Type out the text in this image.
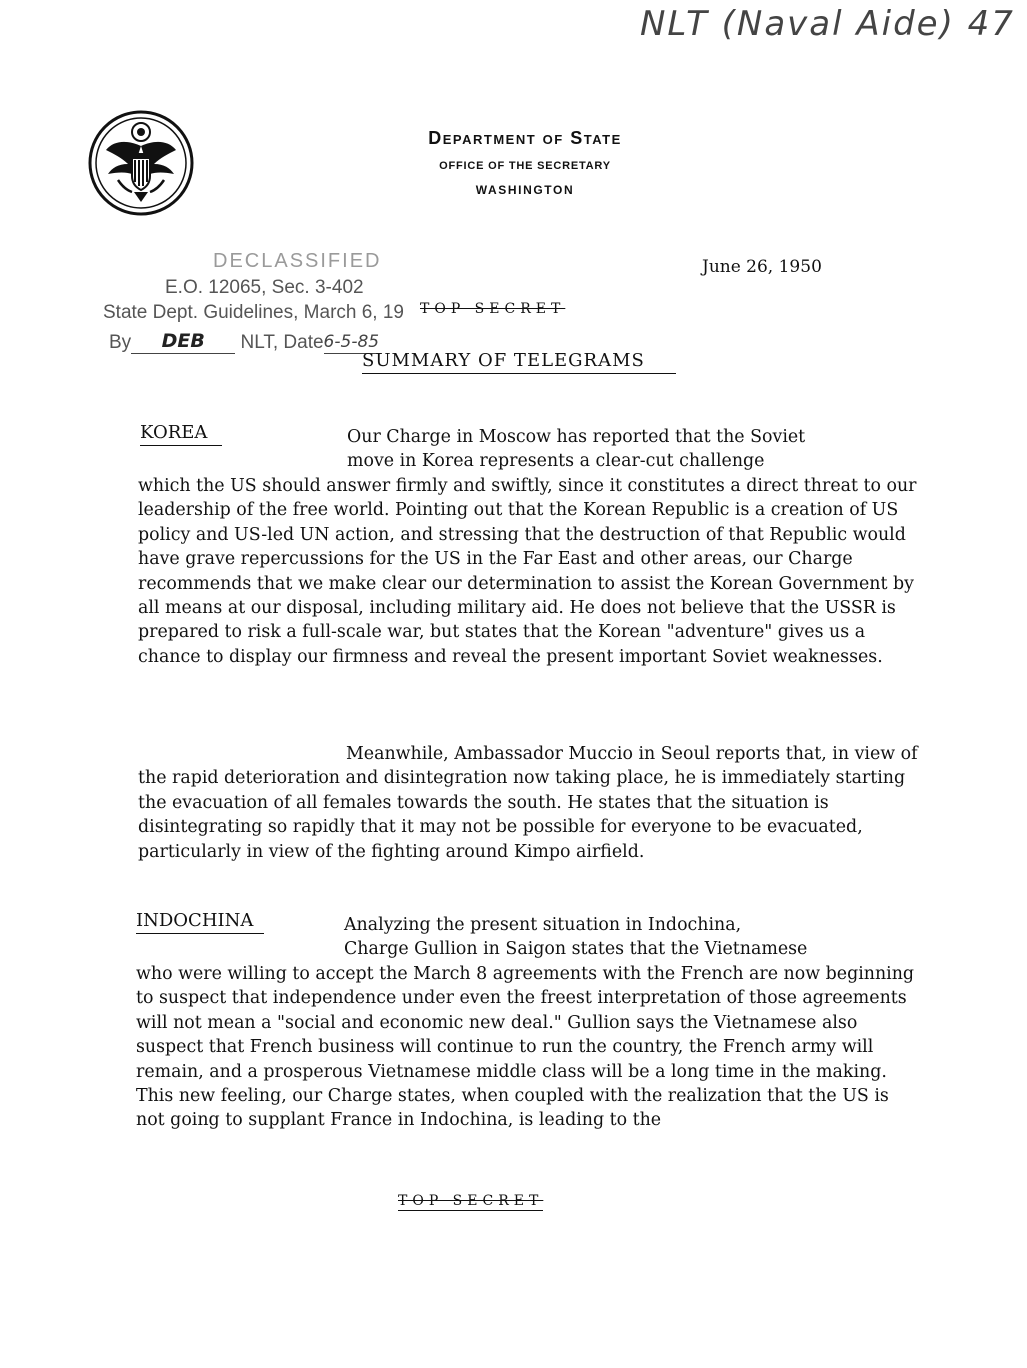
NLT (Naval Aide) 47
Department of State
OFFICE OF THE SECRETARY
WASHINGTON
June 26, 1950
DECLASSIFIED
E.O. 12065, Sec. 3-402
State Dept. Guidelines, March 6, 19
By DEB NLT, Date6-5-85
TOP SECRET
SUMMARY OF TELEGRAMS
KOREA	Our Charge in Moscow has reported that the Soviet
move in Korea represents a clear-cut challenge
which the US should answer firmly and swiftly, since it constitutes a direct threat to our leadership of the free world. Pointing out that the Korean Republic is a creation of US policy and US-led UN action, and stressing that the destruction of that Republic would have grave repercussions for the US in the Far East and other areas, our Charge recommends that we make clear our determination to assist the Korean Government by all means at our disposal, including military aid. He does not believe that the USSR is prepared to risk a full-scale war, but states that the Korean "adventure" gives us a chance to display our firmness and reveal the present important Soviet weaknesses.
Meanwhile, Ambassador Muccio in Seoul reports that, in view of the rapid deterioration and disintegration now taking place, he is immediately starting the evacuation of all females towards the south. He states that the situation is disintegrating so rapidly that it may not be possible for everyone to be evacuated, particularly in view of the fighting around Kimpo airfield.
INDOCHINA	Analyzing the present situation in Indochina,
Charge Gullion in Saigon states that the Vietnamese
who were willing to accept the March 8 agreements with the French are now beginning to suspect that independence under even the freest interpretation of those agreements will not mean a "social and economic new deal." Gullion says the Vietnamese also suspect that French business will continue to run the country, the French army will remain, and a prosperous Vietnamese middle class will be a long time in the making. This new feeling, our Charge states, when coupled with the realization that the US is not going to supplant France in Indochina, is leading to the
TOP SECRET
